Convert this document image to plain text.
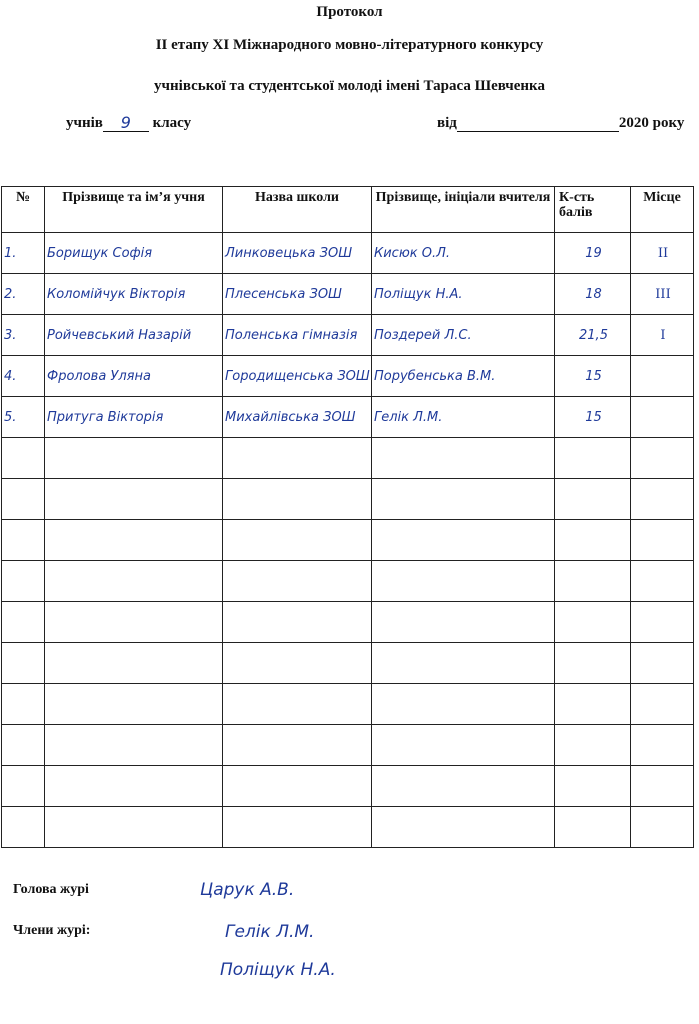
Протокол
ІІ етапу ХІ Міжнародного мовно-літературного конкурсу
учнівської та студентської молоді імені Тараса Шевченка
учнів 9 класу	від	2020 року
№	Прізвище та ім’я учня	Назва школи	Прізвище, ініціали вчителя	К-сть балів	Місце

1.	Борищук Софія	Линковецька ЗОШ	Кисюк О.Л.	19	ІІ

2.	Коломійчук Вікторія	Плесенська ЗОШ	Поліщук Н.А.	18	ІІІ

3.	Ройчевський Назарій	Поленська гімназія	Поздерей Л.С.	21,5	І

4.	Фролова Уляна	Городищенська ЗОШ	Порубенська В.М.	15	

5.	Притуга Вікторія	Михайлівська ЗОШ	Гелік Л.М.	15	

Голова журі
Члени журі:
Царук А.В.
Гелік Л.М.
Поліщук Н.А.
